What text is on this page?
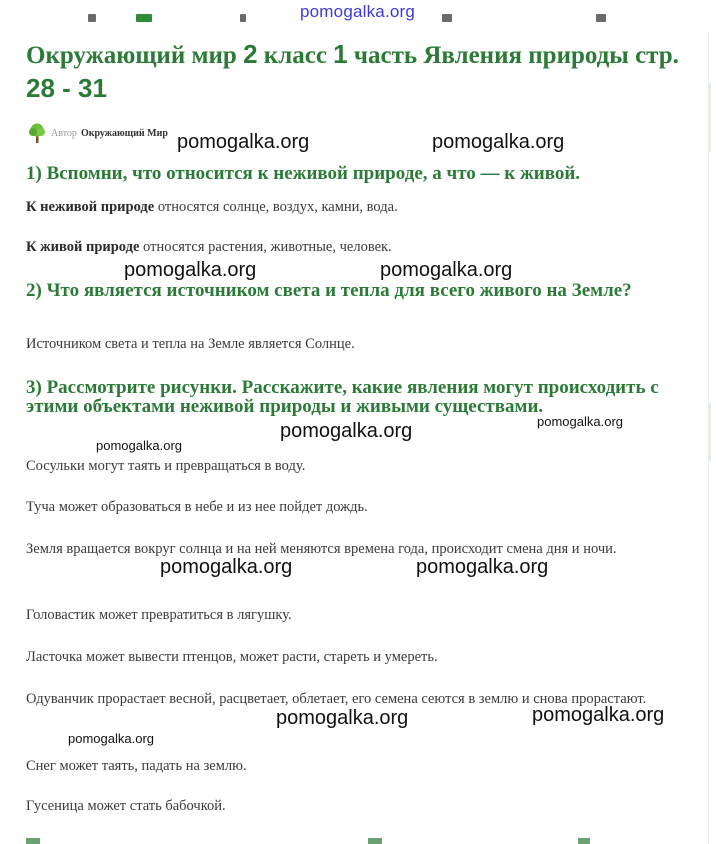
pomogalka.org
Окружающий мир 2 класс 1 часть Явления природы стр. 28 - 31
Автор Окружающий Мир
1) Вспомни, что относится к неживой природе, а что — к живой.

К неживой природе относятся солнце, воздух, камни, вода.

К живой природе относятся растения, животные, человек.

2) Что является источником света и тепла для всего живого на Земле?

Источником света и тепла на Земле является Солнце.

3) Рассмотрите рисунки. Расскажите, какие явления могут происходить с этими объектами неживой природы и живыми существами.

Сосульки могут таять и превращаться в воду.

Туча может образоваться в небе и из нее пойдет дождь.

Земля вращается вокруг солнца и на ней меняются времена года, происходит смена дня и ночи.

Головастик может превратиться в лягушку.

Ласточка может вывести птенцов, может расти, стареть и умереть.

Одуванчик прорастает весной, расцветает, облетает, его семена сеются в землю и снова прорастают.

Снег может таять, падать на землю.

Гусеница может стать бабочкой.

pomogalka.org	pomogalka.org
pomogalka.org	pomogalka.org
pomogalka.org	pomogalka.org
pomogalka.org
pomogalka.org	pomogalka.org
pomogalka.org	pomogalka.org
pomogalka.org
